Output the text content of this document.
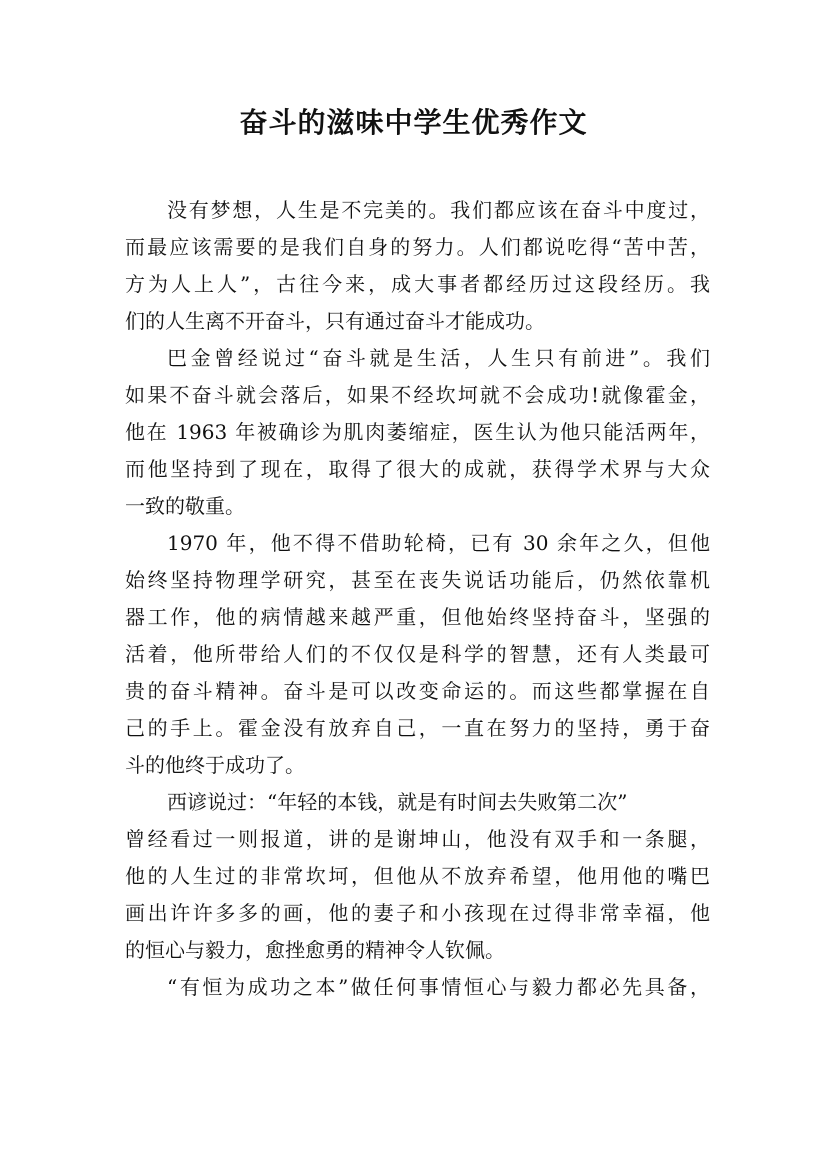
奋斗的滋味中学生优秀作文

没有梦想，人生是不完美的。我们都应该在奋斗中度过，

而最应该需要的是我们自身的努力。人们都说吃得“苦中苦，

方为人上人”，古往今来，成大事者都经历过这段经历。我

们的人生离不开奋斗，只有通过奋斗才能成功。

巴金曾经说过“奋斗就是生活，人生只有前进”。我们

如果不奋斗就会落后，如果不经坎坷就不会成功!就像霍金，

他在 1963 年被确诊为肌肉萎缩症，医生认为他只能活两年，

而他坚持到了现在，取得了很大的成就，获得学术界与大众

一致的敬重。

1970 年，他不得不借助轮椅，已有 30 余年之久，但他

始终坚持物理学研究，甚至在丧失说话功能后，仍然依靠机

器工作，他的病情越来越严重，但他始终坚持奋斗，坚强的

活着，他所带给人们的不仅仅是科学的智慧，还有人类最可

贵的奋斗精神。奋斗是可以改变命运的。而这些都掌握在自

己的手上。霍金没有放弃自己，一直在努力的坚持，勇于奋

斗的他终于成功了。

西谚说过：“年轻的本钱，就是有时间去失败第二次”

曾经看过一则报道，讲的是谢坤山，他没有双手和一条腿，

他的人生过的非常坎坷，但他从不放弃希望，他用他的嘴巴

画出许许多多的画，他的妻子和小孩现在过得非常幸福，他

的恒心与毅力，愈挫愈勇的精神令人钦佩。

“有恒为成功之本”做任何事情恒心与毅力都必先具备，
